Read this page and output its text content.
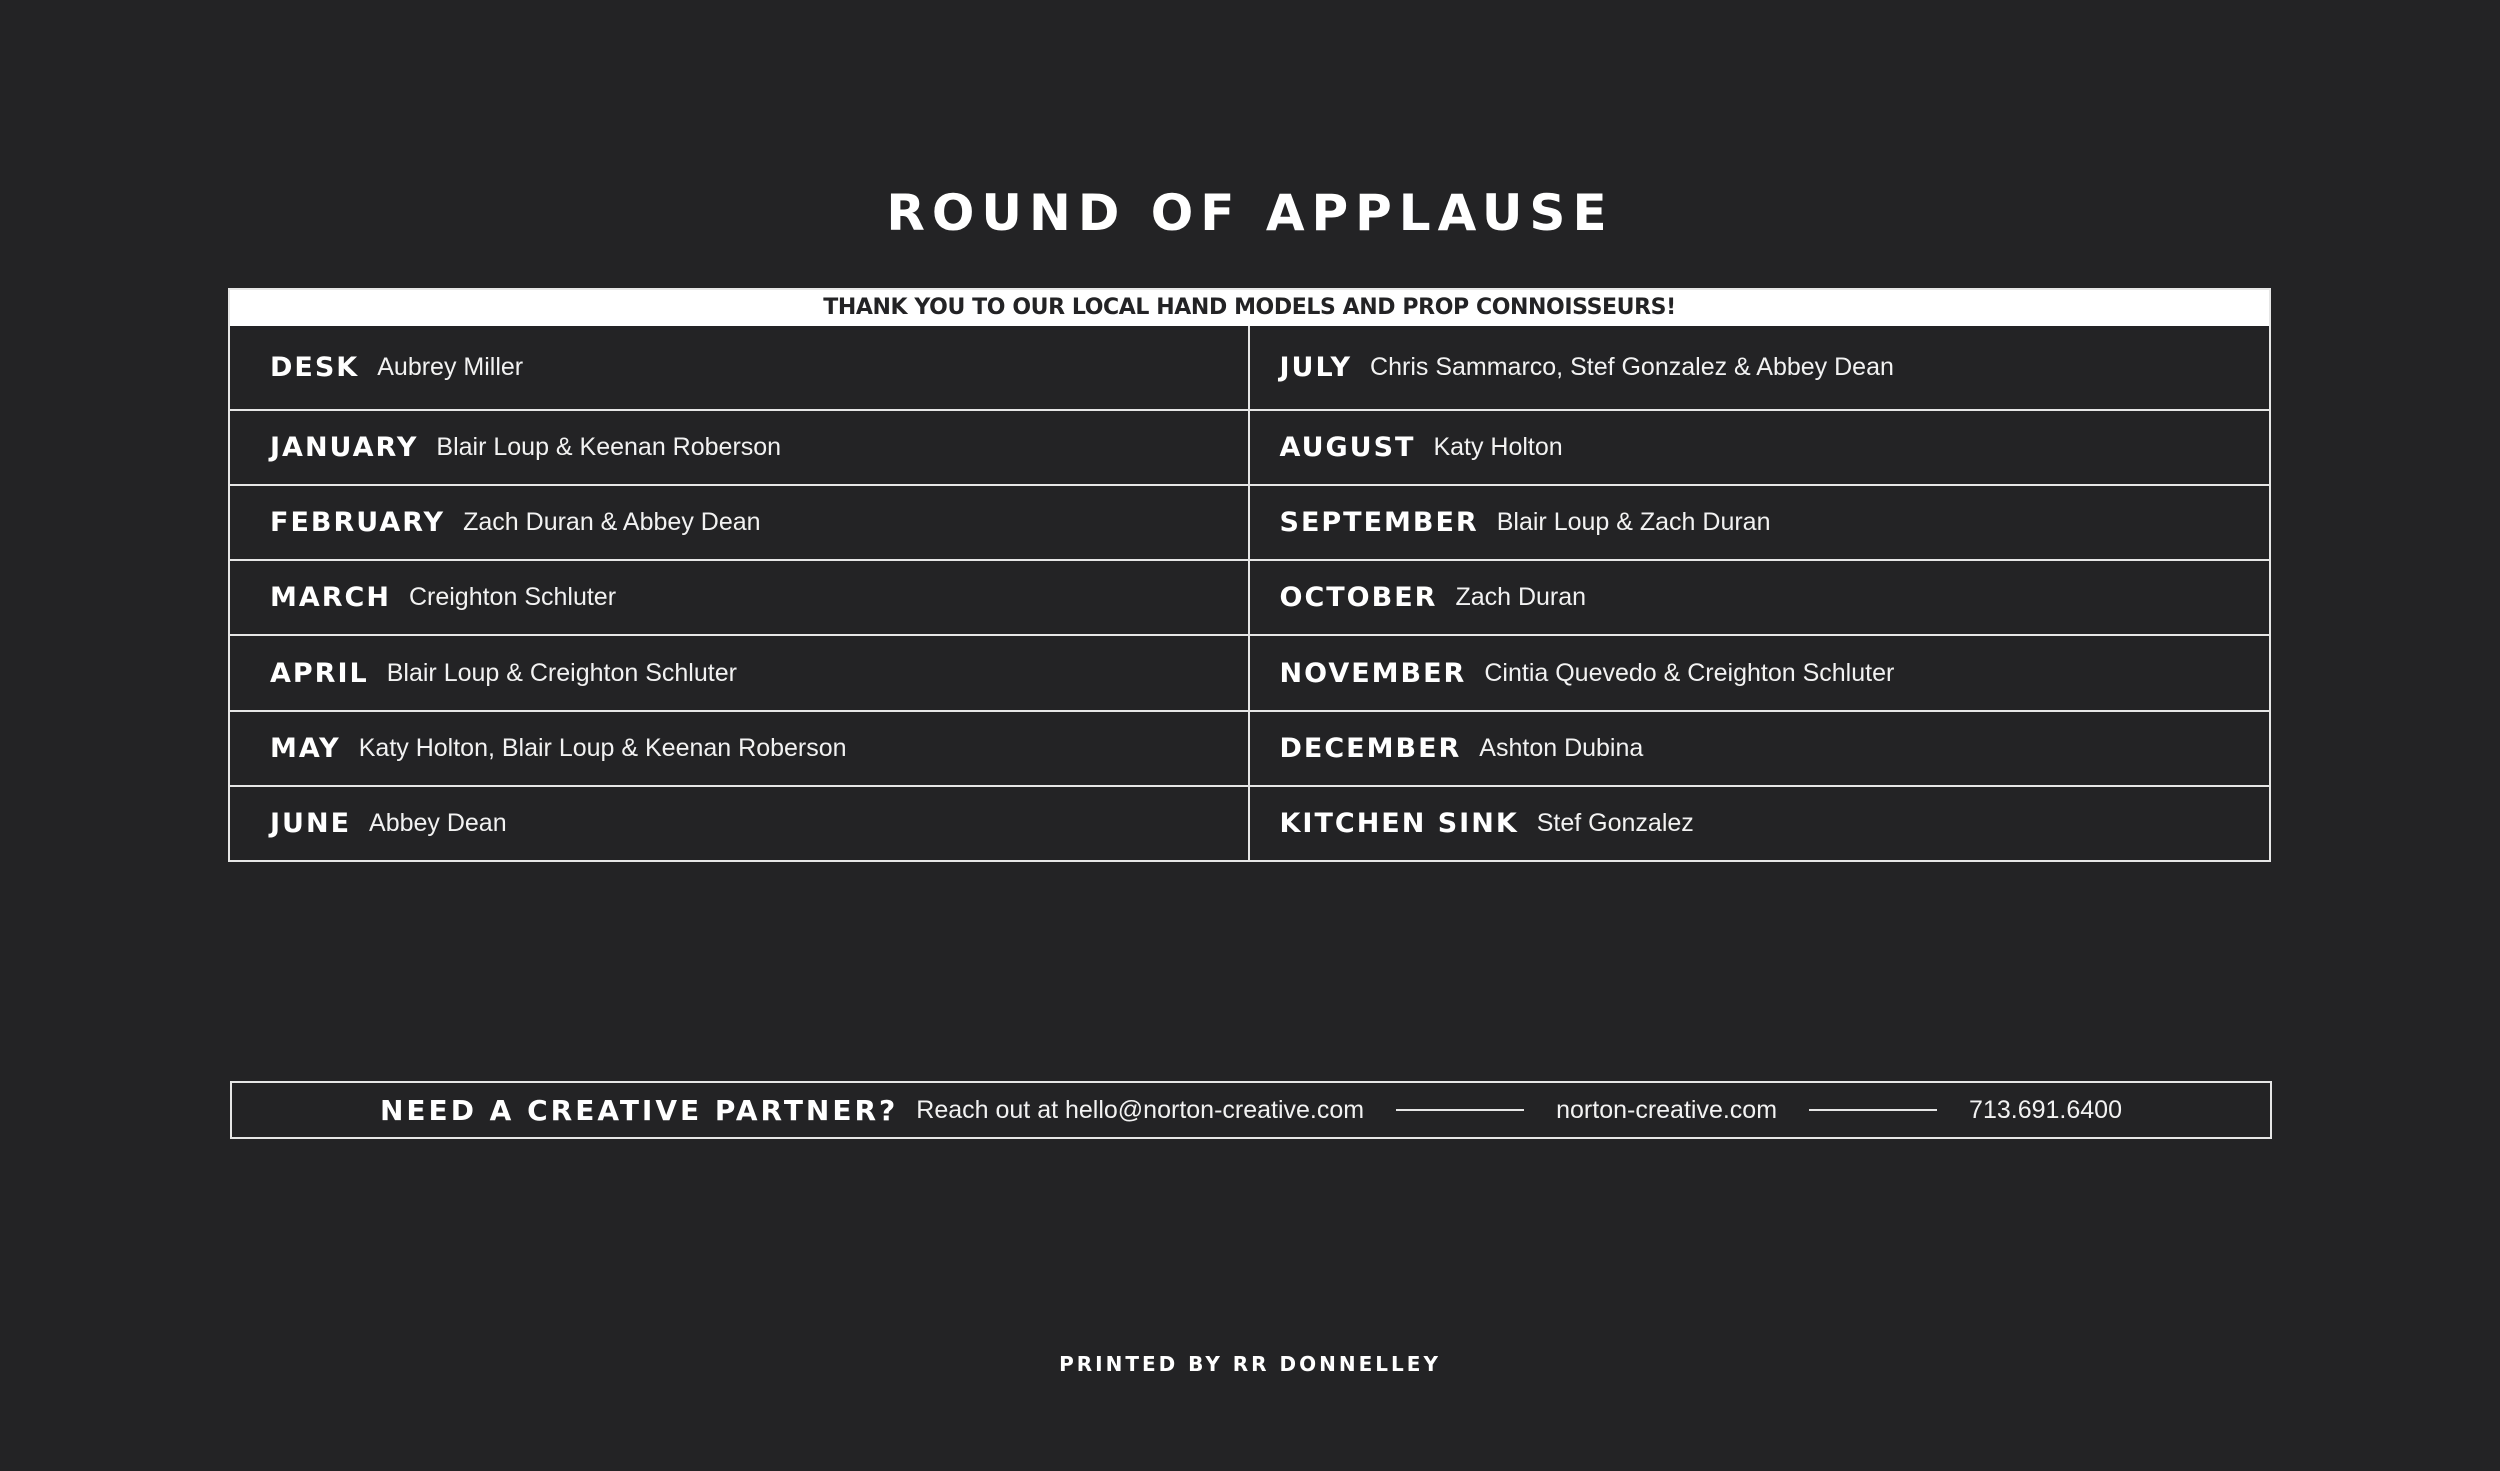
ROUND OF APPLAUSE
THANK YOU TO OUR LOCAL HAND MODELS AND PROP CONNOISSEURS!
DESK Aubrey Miller
JANUARY Blair Loup & Keenan Roberson
FEBRUARY Zach Duran & Abbey Dean
MARCH Creighton Schluter
APRIL Blair Loup & Creighton Schluter
MAY Katy Holton, Blair Loup & Keenan Roberson
JUNE Abbey Dean
JULY Chris Sammarco, Stef Gonzalez & Abbey Dean
AUGUST Katy Holton
SEPTEMBER Blair Loup & Zach Duran
OCTOBER Zach Duran
NOVEMBER Cintia Quevedo & Creighton Schluter
DECEMBER Ashton Dubina
KITCHEN SINK Stef Gonzalez
NEED A CREATIVE PARTNER? Reach out at hello@norton-creative.com	norton-creative.com	713.691.6400
PRINTED BY RR DONNELLEY
